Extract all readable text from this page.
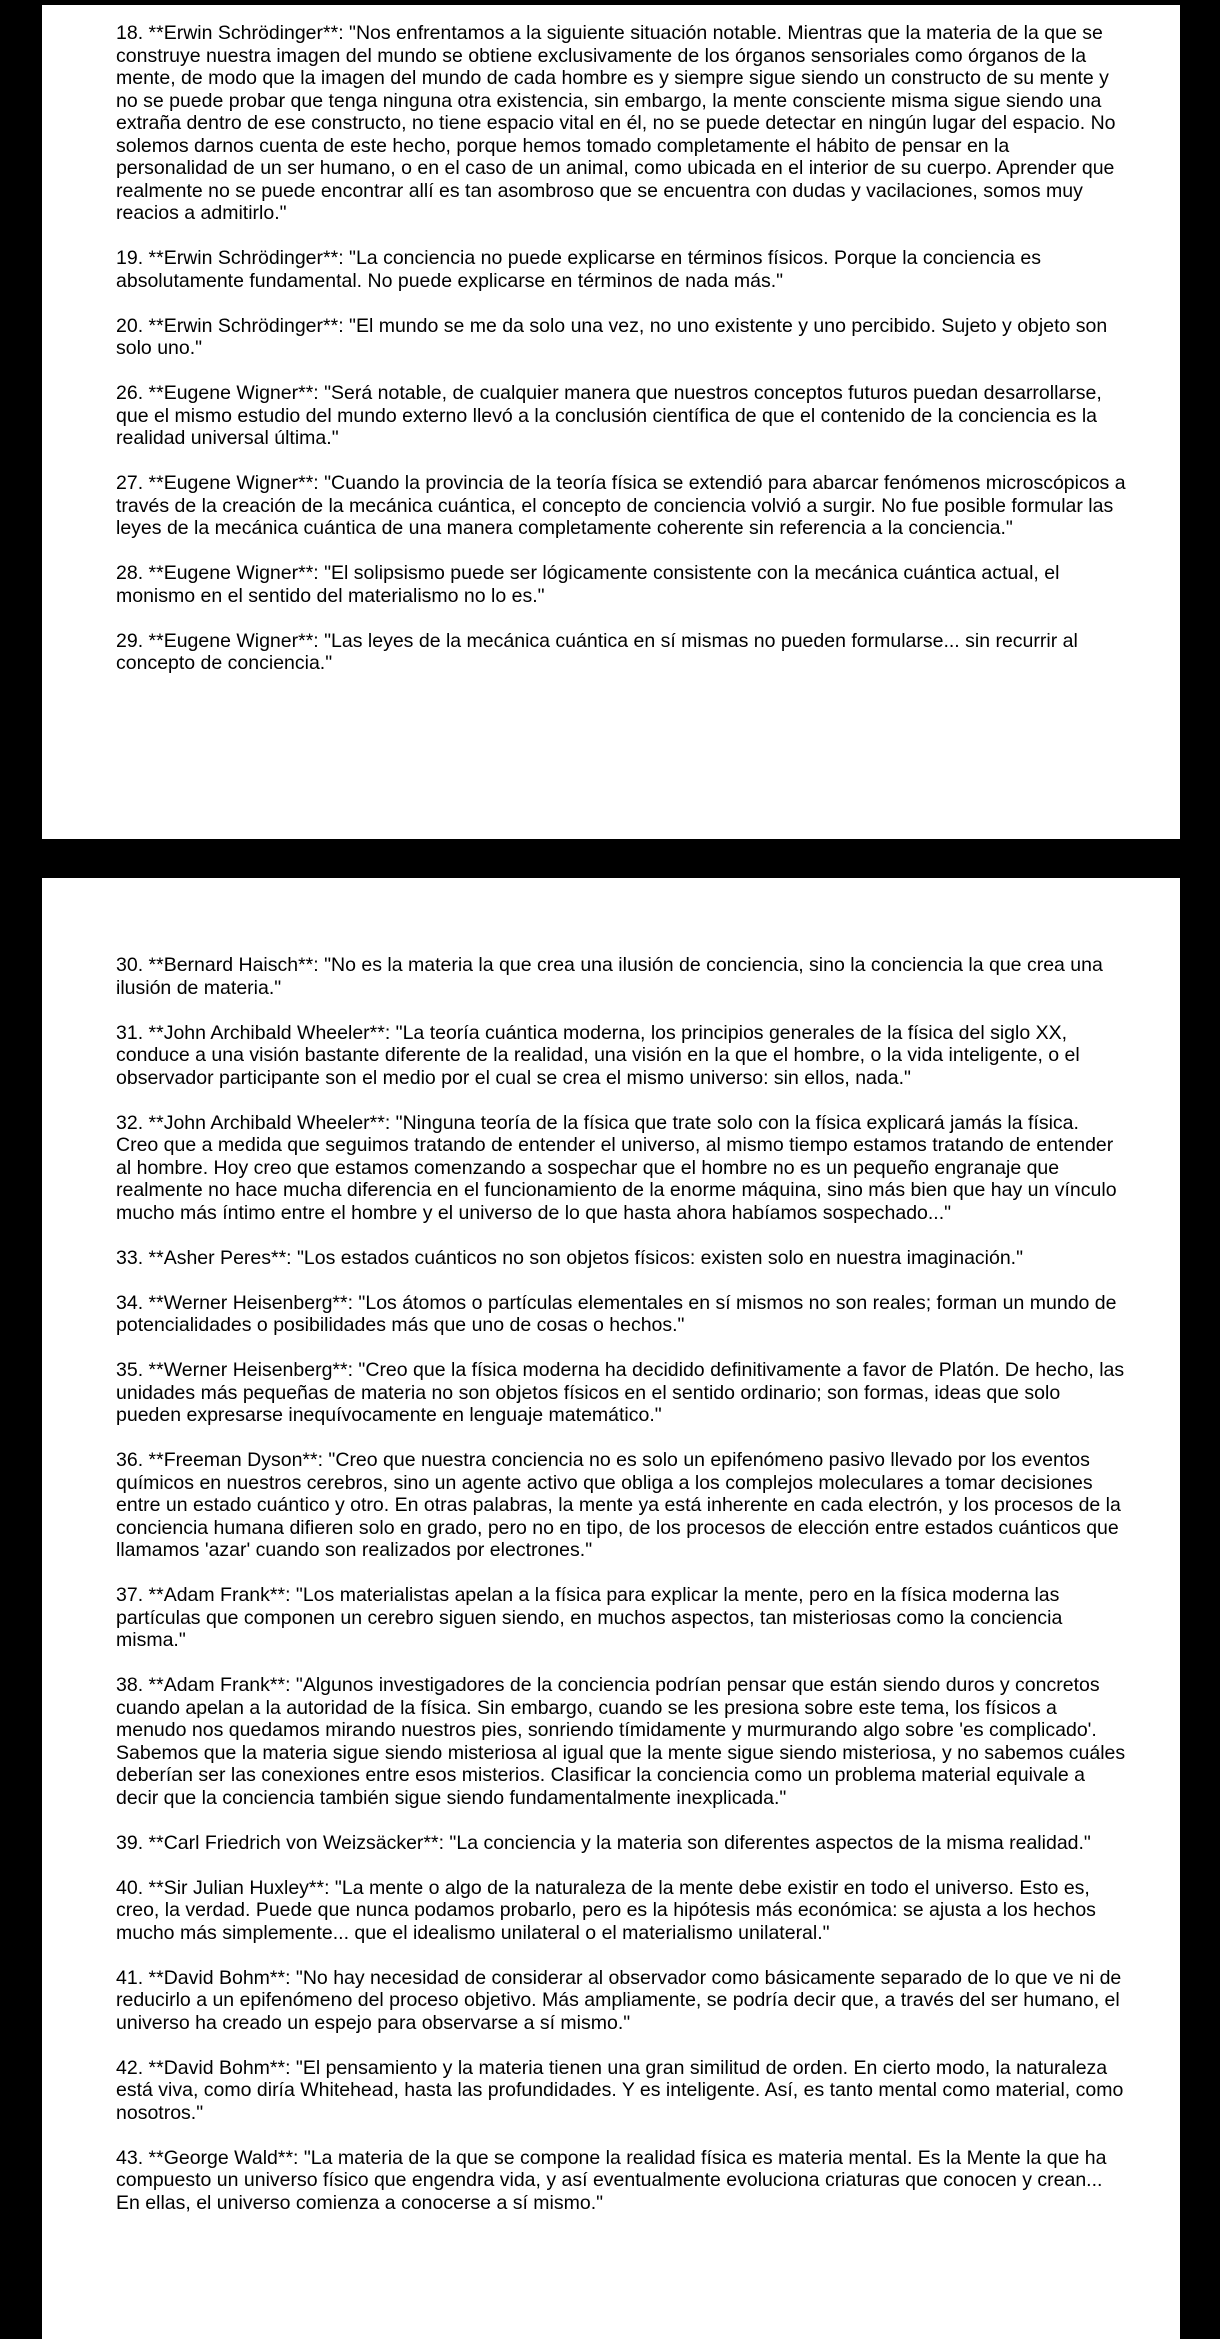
18. **Erwin Schrödinger**: "Nos enfrentamos a la siguiente situación notable. Mientras que la materia de la que se construye nuestra imagen del mundo se obtiene exclusivamente de los órganos sensoriales como órganos de la mente, de modo que la imagen del mundo de cada hombre es y siempre sigue siendo un constructo de su mente y no se puede probar que tenga ninguna otra existencia, sin embargo, la mente consciente misma sigue siendo una extraña dentro de ese constructo, no tiene espacio vital en él, no se puede detectar en ningún lugar del espacio. No solemos darnos cuenta de este hecho, porque hemos tomado completamente el hábito de pensar en la personalidad de un ser humano, o en el caso de un animal, como ubicada en el interior de su cuerpo. Aprender que realmente no se puede encontrar allí es tan asombroso que se encuentra con dudas y vacilaciones, somos muy reacios a admitirlo."

19. **Erwin Schrödinger**: "La conciencia no puede explicarse en términos físicos. Porque la conciencia es absolutamente fundamental. No puede explicarse en términos de nada más."

20. **Erwin Schrödinger**: "El mundo se me da solo una vez, no uno existente y uno percibido. Sujeto y objeto son solo uno."

26. **Eugene Wigner**: "Será notable, de cualquier manera que nuestros conceptos futuros puedan desarrollarse, que el mismo estudio del mundo externo llevó a la conclusión científica de que el contenido de la conciencia es la realidad universal última."

27. **Eugene Wigner**: "Cuando la provincia de la teoría física se extendió para abarcar fenómenos microscópicos a través de la creación de la mecánica cuántica, el concepto de conciencia volvió a surgir. No fue posible formular las leyes de la mecánica cuántica de una manera completamente coherente sin referencia a la conciencia."

28. **Eugene Wigner**: "El solipsismo puede ser lógicamente consistente con la mecánica cuántica actual, el monismo en el sentido del materialismo no lo es."

29. **Eugene Wigner**: "Las leyes de la mecánica cuántica en sí mismas no pueden formularse... sin recurrir al concepto de conciencia."

30. **Bernard Haisch**: "No es la materia la que crea una ilusión de conciencia, sino la conciencia la que crea una ilusión de materia."

31. **John Archibald Wheeler**: "La teoría cuántica moderna, los principios generales de la física del siglo XX, conduce a una visión bastante diferente de la realidad, una visión en la que el hombre, o la vida inteligente, o el observador participante son el medio por el cual se crea el mismo universo: sin ellos, nada."

32. **John Archibald Wheeler**: "Ninguna teoría de la física que trate solo con la física explicará jamás la física. Creo que a medida que seguimos tratando de entender el universo, al mismo tiempo estamos tratando de entender al hombre. Hoy creo que estamos comenzando a sospechar que el hombre no es un pequeño engranaje que realmente no hace mucha diferencia en el funcionamiento de la enorme máquina, sino más bien que hay un vínculo mucho más íntimo entre el hombre y el universo de lo que hasta ahora habíamos sospechado..."

33. **Asher Peres**: "Los estados cuánticos no son objetos físicos: existen solo en nuestra imaginación."

34. **Werner Heisenberg**: "Los átomos o partículas elementales en sí mismos no son reales; forman un mundo de potencialidades o posibilidades más que uno de cosas o hechos."

35. **Werner Heisenberg**: "Creo que la física moderna ha decidido definitivamente a favor de Platón. De hecho, las unidades más pequeñas de materia no son objetos físicos en el sentido ordinario; son formas, ideas que solo pueden expresarse inequívocamente en lenguaje matemático."

36. **Freeman Dyson**: "Creo que nuestra conciencia no es solo un epifenómeno pasivo llevado por los eventos químicos en nuestros cerebros, sino un agente activo que obliga a los complejos moleculares a tomar decisiones entre un estado cuántico y otro. En otras palabras, la mente ya está inherente en cada electrón, y los procesos de la conciencia humana difieren solo en grado, pero no en tipo, de los procesos de elección entre estados cuánticos que llamamos 'azar' cuando son realizados por electrones."

37. **Adam Frank**: "Los materialistas apelan a la física para explicar la mente, pero en la física moderna las partículas que componen un cerebro siguen siendo, en muchos aspectos, tan misteriosas como la conciencia misma."

38. **Adam Frank**: "Algunos investigadores de la conciencia podrían pensar que están siendo duros y concretos cuando apelan a la autoridad de la física. Sin embargo, cuando se les presiona sobre este tema, los físicos a menudo nos quedamos mirando nuestros pies, sonriendo tímidamente y murmurando algo sobre 'es complicado'. Sabemos que la materia sigue siendo misteriosa al igual que la mente sigue siendo misteriosa, y no sabemos cuáles deberían ser las conexiones entre esos misterios. Clasificar la conciencia como un problema material equivale a decir que la conciencia también sigue siendo fundamentalmente inexplicada."

39. **Carl Friedrich von Weizsäcker**: "La conciencia y la materia son diferentes aspectos de la misma realidad."

40. **Sir Julian Huxley**: "La mente o algo de la naturaleza de la mente debe existir en todo el universo. Esto es, creo, la verdad. Puede que nunca podamos probarlo, pero es la hipótesis más económica: se ajusta a los hechos mucho más simplemente... que el idealismo unilateral o el materialismo unilateral."

41. **David Bohm**: "No hay necesidad de considerar al observador como básicamente separado de lo que ve ni de reducirlo a un epifenómeno del proceso objetivo. Más ampliamente, se podría decir que, a través del ser humano, el universo ha creado un espejo para observarse a sí mismo."

42. **David Bohm**: "El pensamiento y la materia tienen una gran similitud de orden. En cierto modo, la naturaleza está viva, como diría Whitehead, hasta las profundidades. Y es inteligente. Así, es tanto mental como material, como nosotros."

43. **George Wald**: "La materia de la que se compone la realidad física es materia mental. Es la Mente la que ha compuesto un universo físico que engendra vida, y así eventualmente evoluciona criaturas que conocen y crean... En ellas, el universo comienza a conocerse a sí mismo."
